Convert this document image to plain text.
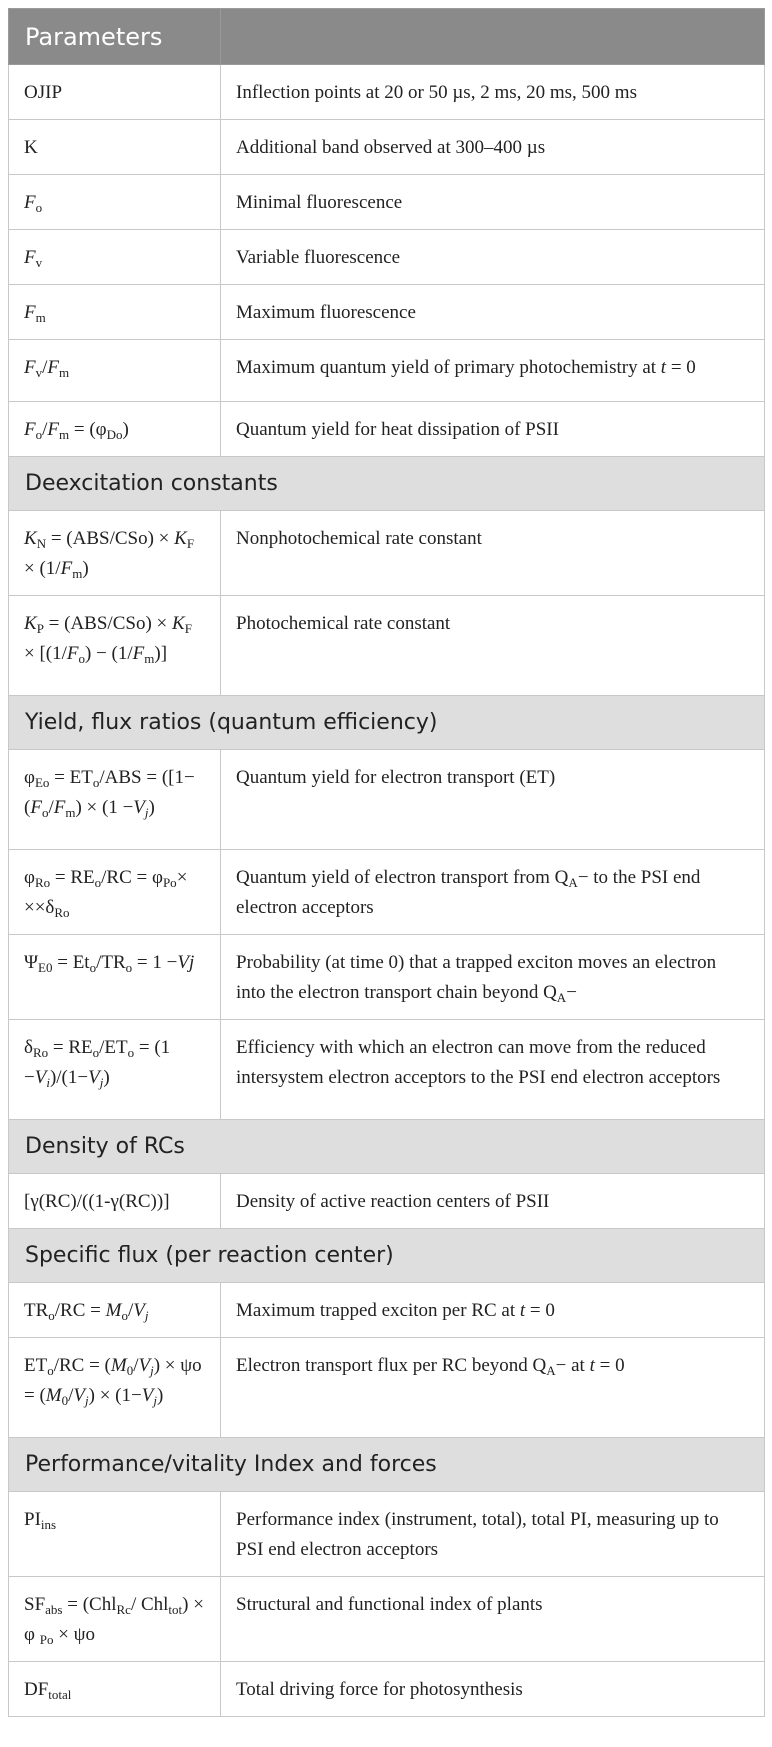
Parameters	
OJIP	Inflection points at 20 or 50 µs, 2 ms, 20 ms, 500 ms
K	Additional band observed at 300–400 µs
$F_o$	Minimal fluorescence
$F_v$	Variable fluorescence
$F_m$	Maximum fluorescence
$F_v/F_m$	Maximum quantum yield of primary photochemistry at t = 0
$F_o/F_m = (\varphi_{Do})$	Quantum yield for heat dissipation of PSII
Deexcitation constants	
$K_N = (ABS/CSo) \times K_F \times (1/F_m)$	Nonphotochemical rate constant
$K_P = (ABS/CSo) \times K_F \times [(1/F_o) - (1/F_m)]$	Photochemical rate constant
Yield, flux ratios (quantum efficiency)	
$\varphi_{Eo} = ET_o/ABS = ([1-(F_o/F_m) \times (1 -V_j)$	Quantum yield for electron transport (ET)
$\varphi_{Ro} = RE_o/RC = \varphi_{Po}\times \times\times\delta_{Ro}$	Quantum yield of electron transport from $Q_A-$ to the PSI end electron acceptors
$\Psi_{E0} = Et_o/TR_o = 1 -Vj$	Probability (at time 0) that a trapped exciton moves an electron into the electron transport chain beyond $Q_A-$
$\delta_{Ro} = RE_o/ET_o = (1 -V_i)/(1-V_j)$	Efficiency with which an electron can move from the reduced intersystem electron acceptors to the PSI end electron acceptors
Density of RCs	
[γ(RC)/((1-γ(RC))]	Density of active reaction centers of PSII
Specific flux (per reaction center)	
$TR_o/RC = M_o/V_j$	Maximum trapped exciton per RC at t = 0
$ET_o/RC = (M_0/V_j) \times \psi o = (M_0/V_j) \times (1-V_j)$	Electron transport flux per RC beyond $Q_A-$ at t = 0
Performance/vitality Index and forces	
$PI_{ins}$	Performance index (instrument, total), total PI, measuring up to PSI end electron acceptors
$SF_{abs} = (Chl_{Rc}/$ Chl$_{tot}$) × φ $_{Po}$ × ψo	Structural and functional index of plants
$DF_{total}$	Total driving force for photosynthesis
